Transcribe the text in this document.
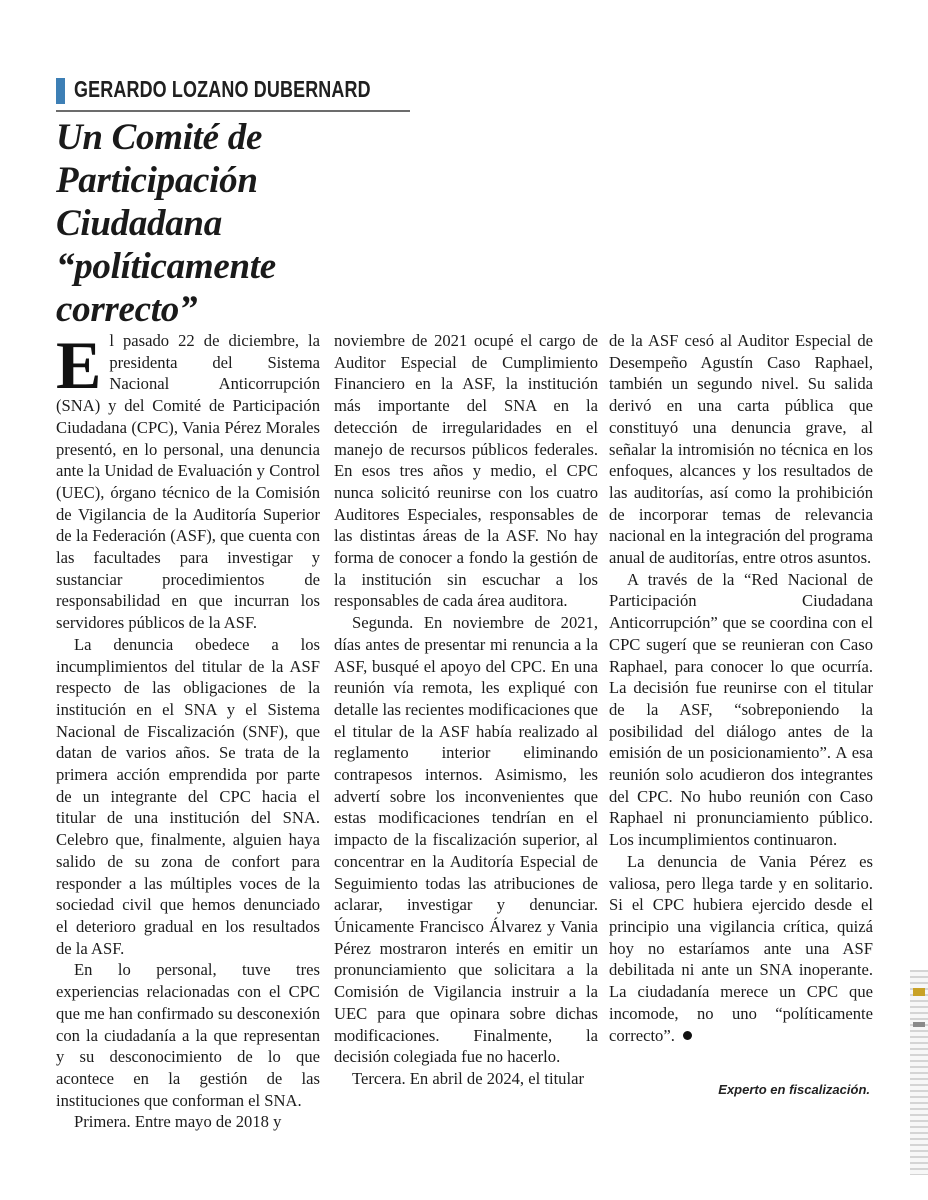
GERARDO LOZANO DUBERNARD
Un Comité de Participación Ciudadana “políticamente correcto”

El pasado 22 de diciembre, la presidenta del Sistema Nacional Anticorrupción (SNA) y del Comité de Participación Ciudadana (CPC), Vania Pérez Morales presentó, en lo personal, una denuncia ante la Unidad de Evaluación y Control (UEC), órgano técnico de la Comisión de Vigilancia de la Auditoría Superior de la Federación (ASF), que cuenta con las facultades para investigar y sustanciar procedimientos de responsabilidad en que incurran los servidores públicos de la ASF.

La denuncia obedece a los incumplimientos del titular de la ASF respecto de las obligaciones de la institución en el SNA y el Sistema Nacional de Fiscalización (SNF), que datan de varios años. Se trata de la primera acción emprendida por parte de un integrante del CPC hacia el titular de una institución del SNA. Celebro que, finalmente, alguien haya salido de su zona de confort para responder a las múltiples voces de la sociedad civil que hemos denunciado el deterioro gradual en los resultados de la ASF.

En lo personal, tuve tres experiencias relacionadas con el CPC que me han confirmado su desconexión con la ciudadanía a la que representan y su desconocimiento de lo que acontece en la gestión de las instituciones que conforman el SNA.

Primera. Entre mayo de 2018 y

noviembre de 2021 ocupé el cargo de Auditor Especial de Cumplimiento Financiero en la ASF, la institución más importante del SNA en la detección de irregularidades en el manejo de recursos públicos federales. En esos tres años y medio, el CPC nunca solicitó reunirse con los cuatro Auditores Especiales, responsables de las distintas áreas de la ASF. No hay forma de conocer a fondo la gestión de la institución sin escuchar a los responsables de cada área auditora.

Segunda. En noviembre de 2021, días antes de presentar mi renuncia a la ASF, busqué el apoyo del CPC. En una reunión vía remota, les expliqué con detalle las recientes modificaciones que el titular de la ASF había realizado al reglamento interior eliminando contrapesos internos. Asimismo, les advertí sobre los inconvenientes que estas modificaciones tendrían en el impacto de la fiscalización superior, al concentrar en la Auditoría Especial de Seguimiento todas las atribuciones de aclarar, investigar y denunciar. Únicamente Francisco Álvarez y Vania Pérez mostraron interés en emitir un pronunciamiento que solicitara a la Comisión de Vigilancia instruir a la UEC para que opinara sobre dichas modificaciones. Finalmente, la decisión colegiada fue no hacerlo.

Tercera. En abril de 2024, el titular

de la ASF cesó al Auditor Especial de Desempeño Agustín Caso Raphael, también un segundo nivel. Su salida derivó en una carta pública que constituyó una denuncia grave, al señalar la intromisión no técnica en los enfoques, alcances y los resultados de las auditorías, así como la prohibición de incorporar temas de relevancia nacional en la integración del programa anual de auditorías, entre otros asuntos.

A través de la “Red Nacional de Participación Ciudadana Anticorrupción” que se coordina con el CPC sugerí que se reunieran con Caso Raphael, para conocer lo que ocurría. La decisión fue reunirse con el titular de la ASF, “sobreponiendo la posibilidad del diálogo antes de la emisión de un posicionamiento”. A esa reunión solo acudieron dos integrantes del CPC. No hubo reunión con Caso Raphael ni pronunciamiento público. Los incumplimientos continuaron.

La denuncia de Vania Pérez es valiosa, pero llega tarde y en solitario. Si el CPC hubiera ejercido desde el principio una vigilancia crítica, quizá hoy no estaríamos ante una ASF debilitada ni ante un SNA inoperante. La ciudadanía merece un CPC que incomode, no uno “políticamente correcto”.

Experto en fiscalización.
